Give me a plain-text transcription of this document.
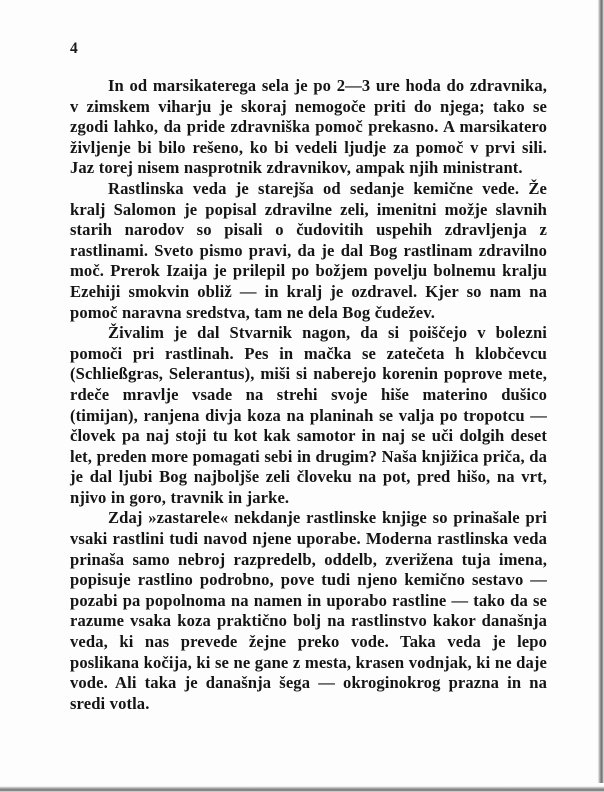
4

In od marsikaterega sela je po 2—3 ure hoda do zdravnika, v zimskem viharju je skoraj nemogoče priti do njega; tako se zgodi lahko, da pride zdravniška pomoč prekasno. A marsikatero življenje bi bilo rešeno, ko bi vedeli ljudje za pomoč v prvi sili. Jaz torej nisem nasprotnik zdravnikov, ampak njih ministrant.

Rastlinska veda je starejša od sedanje kemične vede. Že kralj Salomon je popisal zdravilne zeli, imenitni možje slavnih starih narodov so pisali o čudovitih uspehih zdravljenja z rastlinami. Sveto pismo pravi, da je dal Bog rastlinam zdravilno moč. Prerok Izaija je prilepil po božjem povelju bolnemu kralju Ezehiji smokvin obliž — in kralj je ozdravel. Kjer so nam na pomoč naravna sredstva, tam ne dela Bog čudežev.

Živalim je dal Stvarnik nagon, da si poiščejo v bolezni pomoči pri rastlinah. Pes in mačka se zatečeta h klobčevcu (Schließgras, Selerantus), miši si naberejo korenin poprove mete, rdeče mravlje vsade na strehi svoje hiše materino dušico (timijan), ranjena divja koza na planinah se valja po tropotcu — človek pa naj stoji tu kot kak samotor in naj se uči dolgih deset let, preden more pomagati sebi in drugim? Naša knjižica priča, da je dal ljubi Bog najboljše zeli človeku na pot, pred hišo, na vrt, njivo in goro, travnik in jarke.

Zdaj »zastarele« nekdanje rastlinske knjige so prinašale pri vsaki rastlini tudi navod njene uporabe. Moderna rastlinska veda prinaša samo nebroj razpredelb, oddelb, zverižena tuja imena, popisuje rastlino podrobno, pove tudi njeno kemično sestavo — pozabi pa popolnoma na namen in uporabo rastline — tako da se razume vsaka koza praktično bolj na rastlinstvo kakor današnja veda, ki nas prevede žejne preko vode. Taka veda je lepo poslikana kočija, ki se ne gane z mesta, krasen vodnjak, ki ne daje vode. Ali taka je današnja šega — okroginokrog prazna in na sredi votla.
